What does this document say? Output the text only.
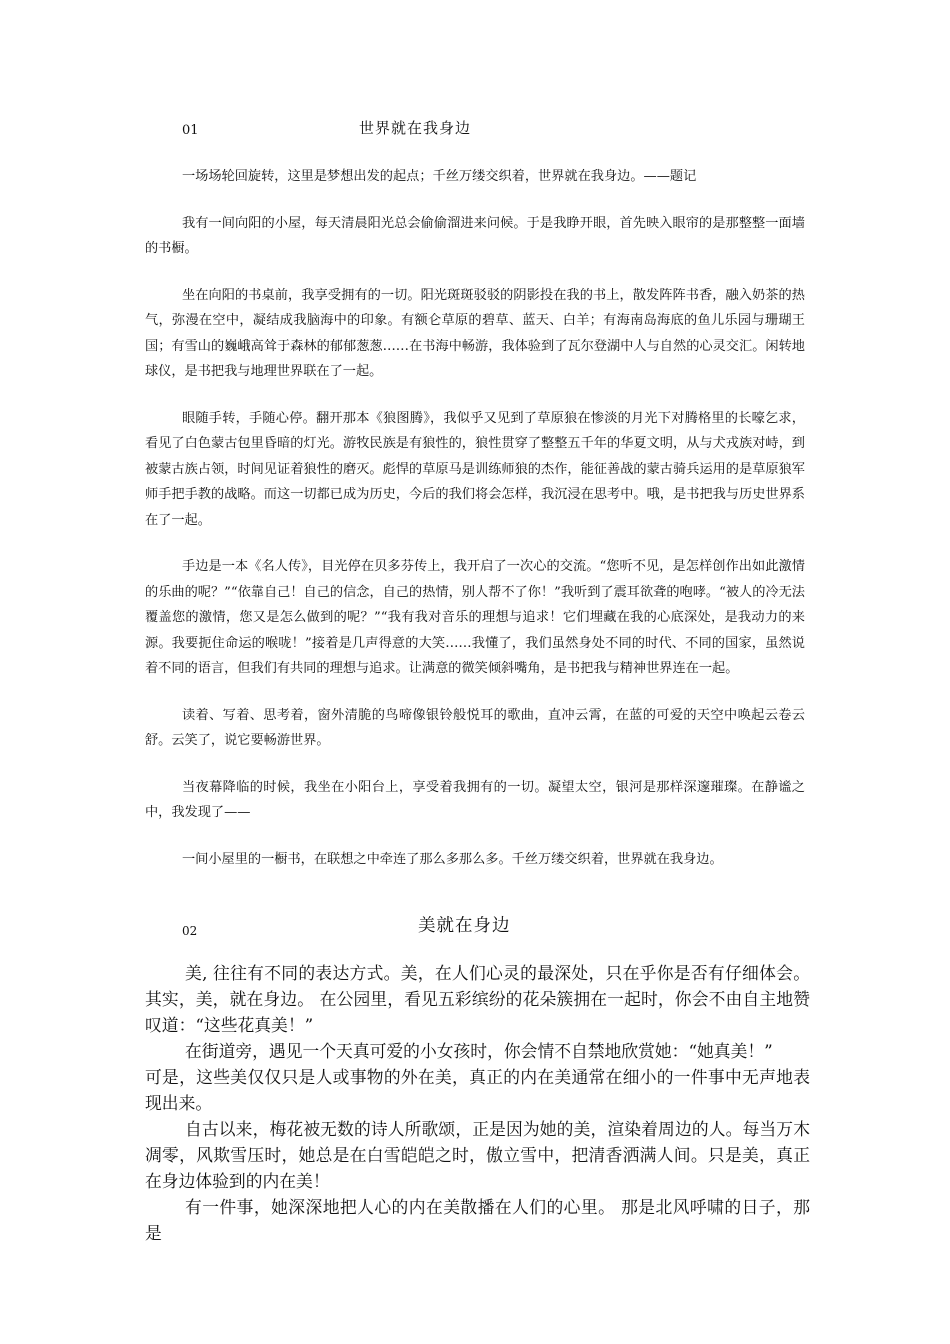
01	世界就在我身边

一场场轮回旋转，这里是梦想出发的起点；千丝万缕交织着，世界就在我身边。——题记

我有一间向阳的小屋，每天清晨阳光总会偷偷溜进来问候。于是我睁开眼，首先映入眼帘的是那整整一面墙的书橱。

坐在向阳的书桌前，我享受拥有的一切。阳光斑斑驳驳的阴影投在我的书上，散发阵阵书香，融入奶茶的热气，弥漫在空中，凝结成我脑海中的印象。有额仑草原的碧草、蓝天、白羊；有海南岛海底的鱼儿乐园与珊瑚王国；有雪山的巍峨高耸于森林的郁郁葱葱……在书海中畅游，我体验到了瓦尔登湖中人与自然的心灵交汇。闲转地球仪，是书把我与地理世界联在了一起。

眼随手转，手随心停。翻开那本《狼图腾》，我似乎又见到了草原狼在惨淡的月光下对腾格里的长嚎乞求，看见了白色蒙古包里昏暗的灯光。游牧民族是有狼性的，狼性贯穿了整整五千年的华夏文明，从与犬戎族对峙，到被蒙古族占领，时间见证着狼性的磨灭。彪悍的草原马是训练师狼的杰作，能征善战的蒙古骑兵运用的是草原狼军师手把手教的战略。而这一切都已成为历史，今后的我们将会怎样，我沉浸在思考中。哦，是书把我与历史世界系在了一起。

手边是一本《名人传》，目光停在贝多芬传上，我开启了一次心的交流。“您听不见，是怎样创作出如此激情的乐曲的呢？”“依靠自己！自己的信念，自己的热情，别人帮不了你！”我听到了震耳欲聋的咆哮。“被人的冷无法覆盖您的激情，您又是怎么做到的呢？”“我有我对音乐的理想与追求！它们埋藏在我的心底深处，是我动力的来源。我要扼住命运的喉咙！”接着是几声得意的大笑……我懂了，我们虽然身处不同的时代、不同的国家，虽然说着不同的语言，但我们有共同的理想与追求。让满意的微笑倾斜嘴角，是书把我与精神世界连在一起。

读着、写着、思考着，窗外清脆的鸟啼像银铃般悦耳的歌曲，直冲云霄，在蓝的可爱的天空中唤起云卷云舒。云笑了，说它要畅游世界。

当夜幕降临的时候，我坐在小阳台上，享受着我拥有的一切。凝望太空，银河是那样深邃璀璨。在静谧之中，我发现了——

一间小屋里的一橱书，在联想之中牵连了那么多那么多。千丝万缕交织着，世界就在我身边。

02	美就在身边

美, 往往有不同的表达方式。美，在人们心灵的最深处，只在乎你是否有仔细体会。其实，美，就在身边。 在公园里，看见五彩缤纷的花朵簇拥在一起时，你会不由自主地赞叹道：“这些花真美！”

在街道旁，遇见一个天真可爱的小女孩时，你会情不自禁地欣赏她：“她真美！”

可是，这些美仅仅只是人或事物的外在美，真正的内在美通常在细小的一件事中无声地表现出来。

自古以来，梅花被无数的诗人所歌颂，正是因为她的美，渲染着周边的人。每当万木凋零，风欺雪压时，她总是在白雪皑皑之时，傲立雪中，把清香洒满人间。只是美，真正在身边体验到的内在美！

有一件事，她深深地把人心的内在美散播在人们的心里。 那是北风呼啸的日子，那是
